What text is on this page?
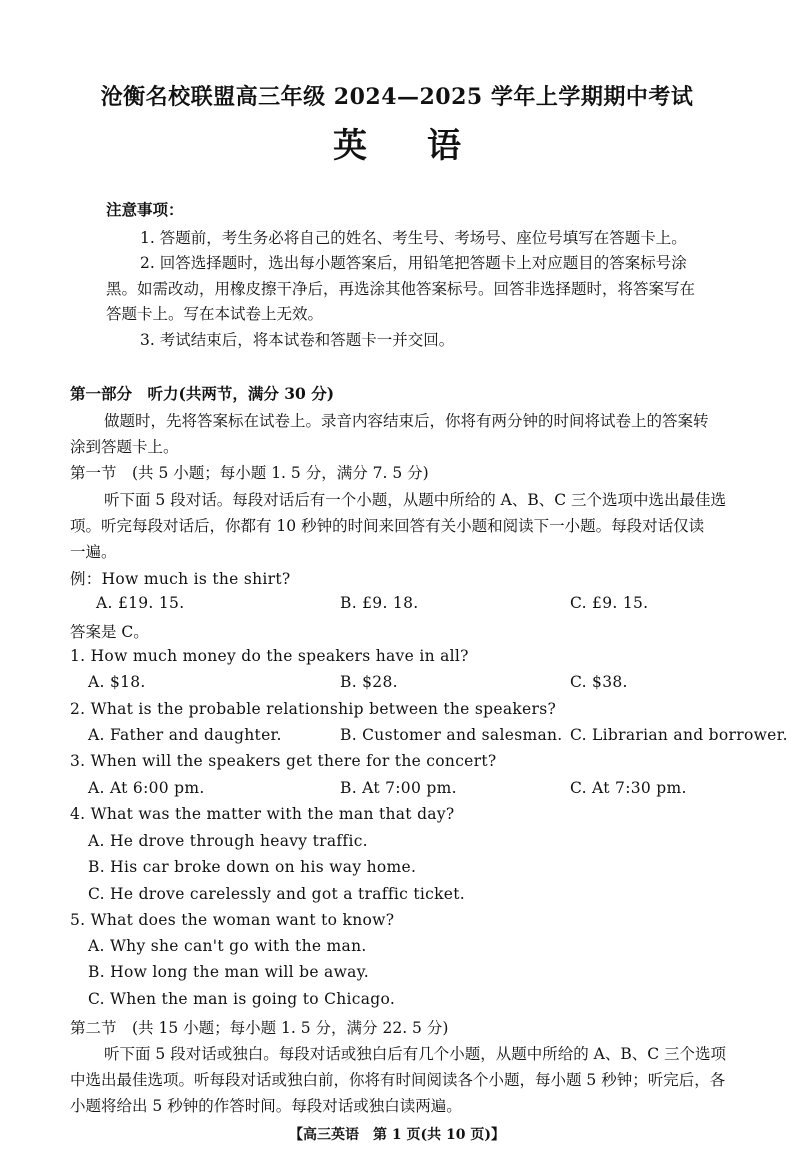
沧衡名校联盟高三年级 2024—2025 学年上学期期中考试
英语
注意事项：
1. 答题前，考生务必将自己的姓名、考生号、考场号、座位号填写在答题卡上。
2. 回答选择题时，选出每小题答案后，用铅笔把答题卡上对应题目的答案标号涂
黑。如需改动，用橡皮擦干净后，再选涂其他答案标号。回答非选择题时，将答案写在
答题卡上。写在本试卷上无效。
3. 考试结束后，将本试卷和答题卡一并交回。
第一部分　听力(共两节，满分 30 分)
做题时，先将答案标在试卷上。录音内容结束后，你将有两分钟的时间将试卷上的答案转
涂到答题卡上。
第一节　(共 5 小题；每小题 1. 5 分，满分 7. 5 分)
听下面 5 段对话。每段对话后有一个小题，从题中所给的 A、B、C 三个选项中选出最佳选
项。听完每段对话后，你都有 10 秒钟的时间来回答有关小题和阅读下一小题。每段对话仅读
一遍。
例：How much is the shirt?
A. £19. 15.	B. £9. 18.	C. £9. 15.
答案是 C。
1. How much money do the speakers have in all?
A. $18.	B. $28.	C. $38.
2. What is the probable relationship between the speakers?
A. Father and daughter.	B. Customer and salesman. C. Librarian and borrower.
3. When will the speakers get there for the concert?
A. At 6:00 pm.	B. At 7:00 pm.	C. At 7:30 pm.
4. What was the matter with the man that day?
A. He drove through heavy traffic.
B. His car broke down on his way home.
C. He drove carelessly and got a traffic ticket.
5. What does the woman want to know?
A. Why she can't go with the man.
B. How long the man will be away.
C. When the man is going to Chicago.
第二节　(共 15 小题；每小题 1. 5 分，满分 22. 5 分)
听下面 5 段对话或独白。每段对话或独白后有几个小题，从题中所给的 A、B、C 三个选项
中选出最佳选项。听每段对话或独白前，你将有时间阅读各个小题，每小题 5 秒钟；听完后，各
小题将给出 5 秒钟的作答时间。每段对话或独白读两遍。
【高三英语　第 1 页(共 10 页)】
